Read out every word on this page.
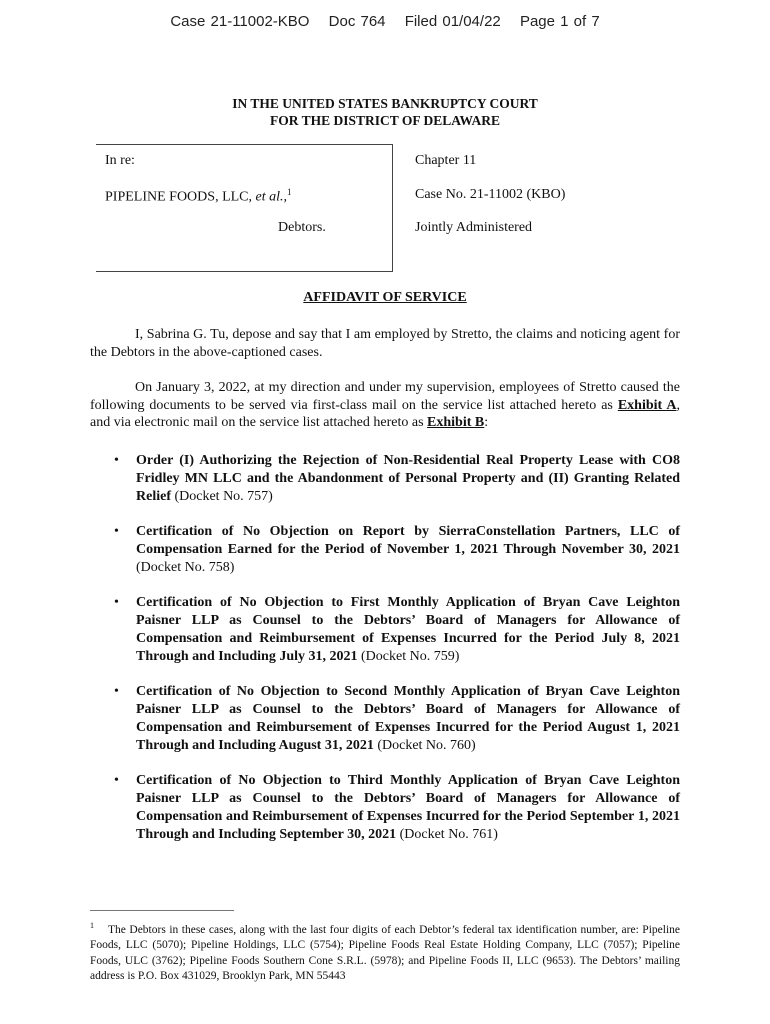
Case 21-11002-KBO Doc 764 Filed 01/04/22 Page 1 of 7
IN THE UNITED STATES BANKRUPTCY COURT
FOR THE DISTRICT OF DELAWARE
In re:
PIPELINE FOODS, LLC, et al.,$^1$
Debtors.
Chapter 11
Case No. 21-11002 (KBO)
Jointly Administered
AFFIDAVIT OF SERVICE
I, Sabrina G. Tu, depose and say that I am employed by Stretto, the claims and noticing agent for the Debtors in the above-captioned cases.
On January 3, 2022, at my direction and under my supervision, employees of Stretto caused the following documents to be served via first-class mail on the service list attached hereto as Exhibit A, and via electronic mail on the service list attached hereto as Exhibit B:
• Order (I) Authorizing the Rejection of Non-Residential Real Property Lease with CO8 Fridley MN LLC and the Abandonment of Personal Property and (II) Granting Related Relief (Docket No. 757)
• Certification of No Objection on Report by SierraConstellation Partners, LLC of Compensation Earned for the Period of November 1, 2021 Through November 30, 2021 (Docket No. 758)
• Certification of No Objection to First Monthly Application of Bryan Cave Leighton Paisner LLP as Counsel to the Debtors’ Board of Managers for Allowance of Compensation and Reimbursement of Expenses Incurred for the Period July 8, 2021 Through and Including July 31, 2021 (Docket No. 759)
• Certification of No Objection to Second Monthly Application of Bryan Cave Leighton Paisner LLP as Counsel to the Debtors’ Board of Managers for Allowance of Compensation and Reimbursement of Expenses Incurred for the Period August 1, 2021 Through and Including August 31, 2021 (Docket No. 760)
• Certification of No Objection to Third Monthly Application of Bryan Cave Leighton Paisner LLP as Counsel to the Debtors’ Board of Managers for Allowance of Compensation and Reimbursement of Expenses Incurred for the Period September 1, 2021 Through and Including September 30, 2021 (Docket No. 761)
$^1$ The Debtors in these cases, along with the last four digits of each Debtor’s federal tax identification number, are: Pipeline Foods, LLC (5070); Pipeline Holdings, LLC (5754); Pipeline Foods Real Estate Holding Company, LLC (7057); Pipeline Foods, ULC (3762); Pipeline Foods Southern Cone S.R.L. (5978); and Pipeline Foods II, LLC (9653). The Debtors’ mailing address is P.O. Box 431029, Brooklyn Park, MN 55443
